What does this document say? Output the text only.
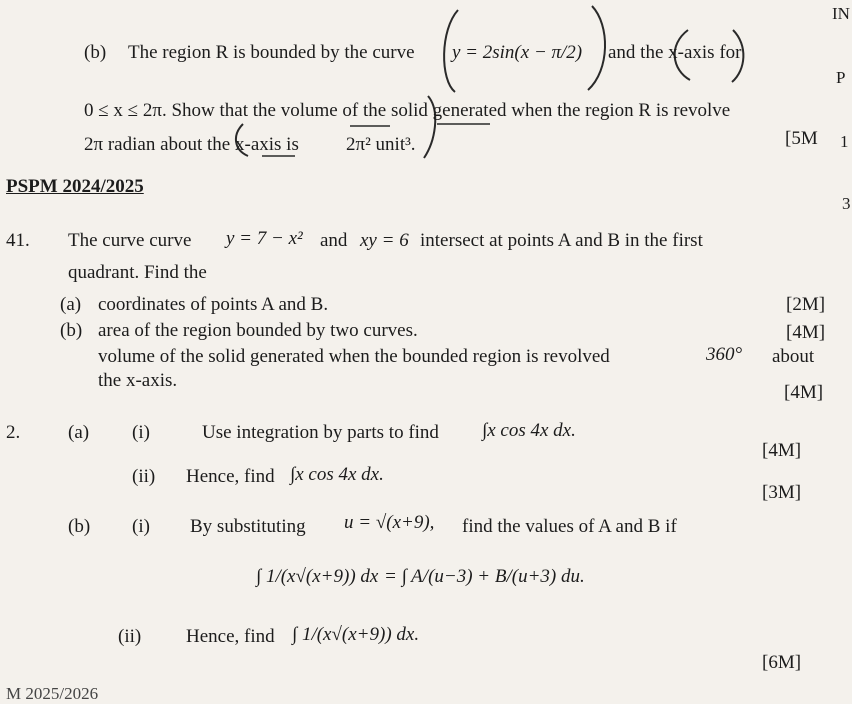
(b) The region R is bounded by the curve y = 2sin(x − π/2) and the x-axis for
0 ≤ x ≤ 2π. Show that the volume of the solid generated when the region R is revolve
2π radian about the x-axis is 2π² unit³.	[5M
IN
P
1
3
PSPM 2024/2025
41. The curve curve y = 7 − x² and xy = 6 intersect at points A and B in the first
quadrant. Find the
(a) coordinates of points A and B.	[2M]
(b) area of the region bounded by two curves.	[4M]
volume of the solid generated when the bounded region is revolved	360° about
the x-axis.
[4M]
2.	(a) (i)	Use integration by parts to find ∫x cos 4x dx.
[4M]
(ii) Hence, find ∫x cos 4x dx.
[3M]
(b) (i) By substituting u = √(x+9), find the values of A and B if
∫ 1/(x√(x+9)) dx = ∫ A/(u−3) + B/(u+3) du.
(ii) Hence, find ∫ 1/(x√(x+9)) dx.
[6M]
M 2025/2026
